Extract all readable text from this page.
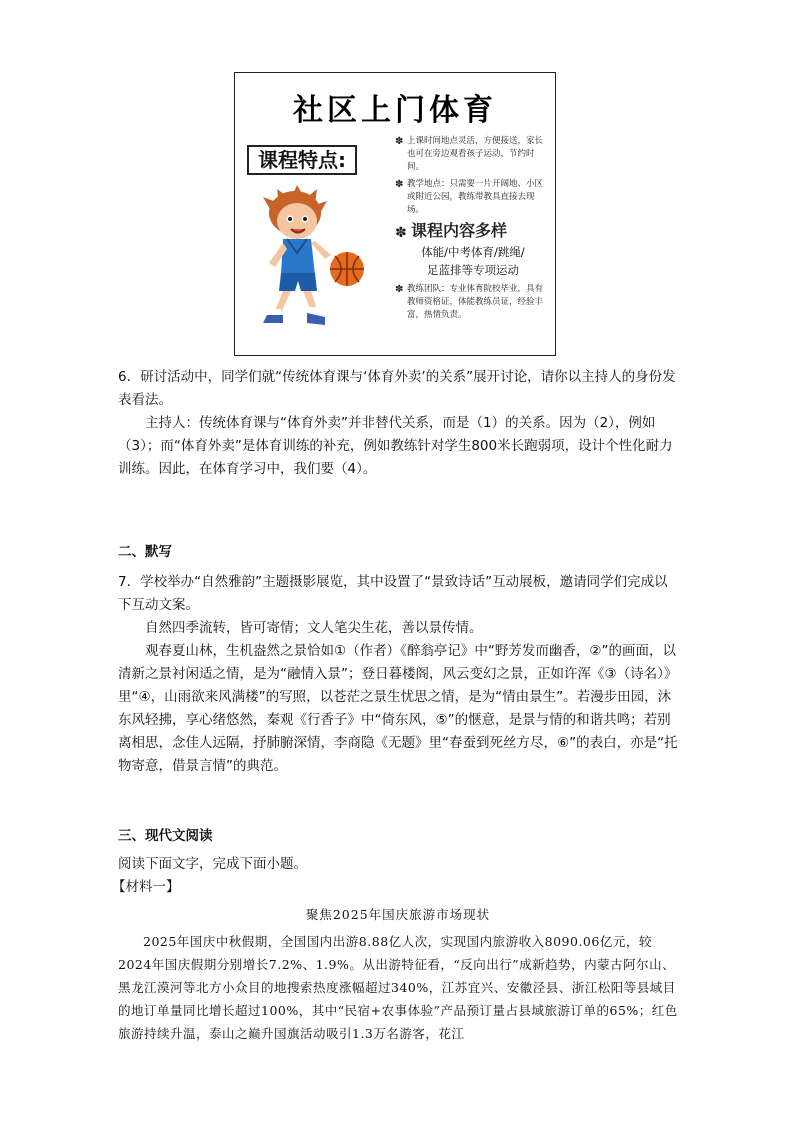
社区上门体育
课程特点:
✽ 上课时间地点灵活，方便接送，家长也可在旁边观看孩子运动，节约时间。
✽ 教学地点：只需要一片开阔地、小区或附近公园，教练带教具直接去现场。
✽ 课程内容多样
体能/中考体育/跳绳/
足蓝排等专项运动
✽ 教练团队：专业体育院校毕业，具有教师资格证，体能教练员证，经验丰富，热情负责。

6．研讨活动中，同学们就“传统体育课与‘体育外卖’的关系”展开讨论，请你以主持人的身份发表看法。

主持人：传统体育课与“体育外卖”并非替代关系，而是（1）的关系。因为（2），例如（3）；而“体育外卖”是体育训练的补充，例如教练针对学生800米长跑弱项，设计个性化耐力训练。因此，在体育学习中，我们要（4）。

二、默写

7．学校举办“自然雅韵”主题摄影展览，其中设置了“景致诗话”互动展板，邀请同学们完成以下互动文案。

自然四季流转，皆可寄情；文人笔尖生花，善以景传情。

观春夏山林，生机盎然之景恰如①（作者）《醉翁亭记》中“野芳发而幽香，②”的画面，以清新之景衬闲适之情，是为“融情入景”；登日暮楼阁，风云变幻之景，正如许浑《③（诗名）》里“④，山雨欲来风满楼”的写照，以苍茫之景生忧思之情，是为“情由景生”。若漫步田园，沐东风轻拂，享心绪悠然，秦观《行香子》中“倚东风，⑤”的惬意，是景与情的和谐共鸣；若别离相思，念佳人远隔，抒肺腑深情，李商隐《无题》里“春蚕到死丝方尽，⑥”的表白，亦是“托物寄意，借景言情”的典范。

三、现代文阅读

阅读下面文字，完成下面小题。

【材料一】

聚焦2025年国庆旅游市场现状

2025年国庆中秋假期，全国国内出游8.88亿人次，实现国内旅游收入8090.06亿元，较2024年国庆假期分别增长7.2%、1.9%。从出游特征看，“反向出行”成新趋势，内蒙古阿尔山、黑龙江漠河等北方小众目的地搜索热度涨幅超过340%，江苏宜兴、安徽泾县、浙江松阳等县域目的地订单量同比增长超过100%，其中“民宿+农事体验”产品预订量占县域旅游订单的65%；红色旅游持续升温，泰山之巅升国旗活动吸引1.3万名游客，花江
